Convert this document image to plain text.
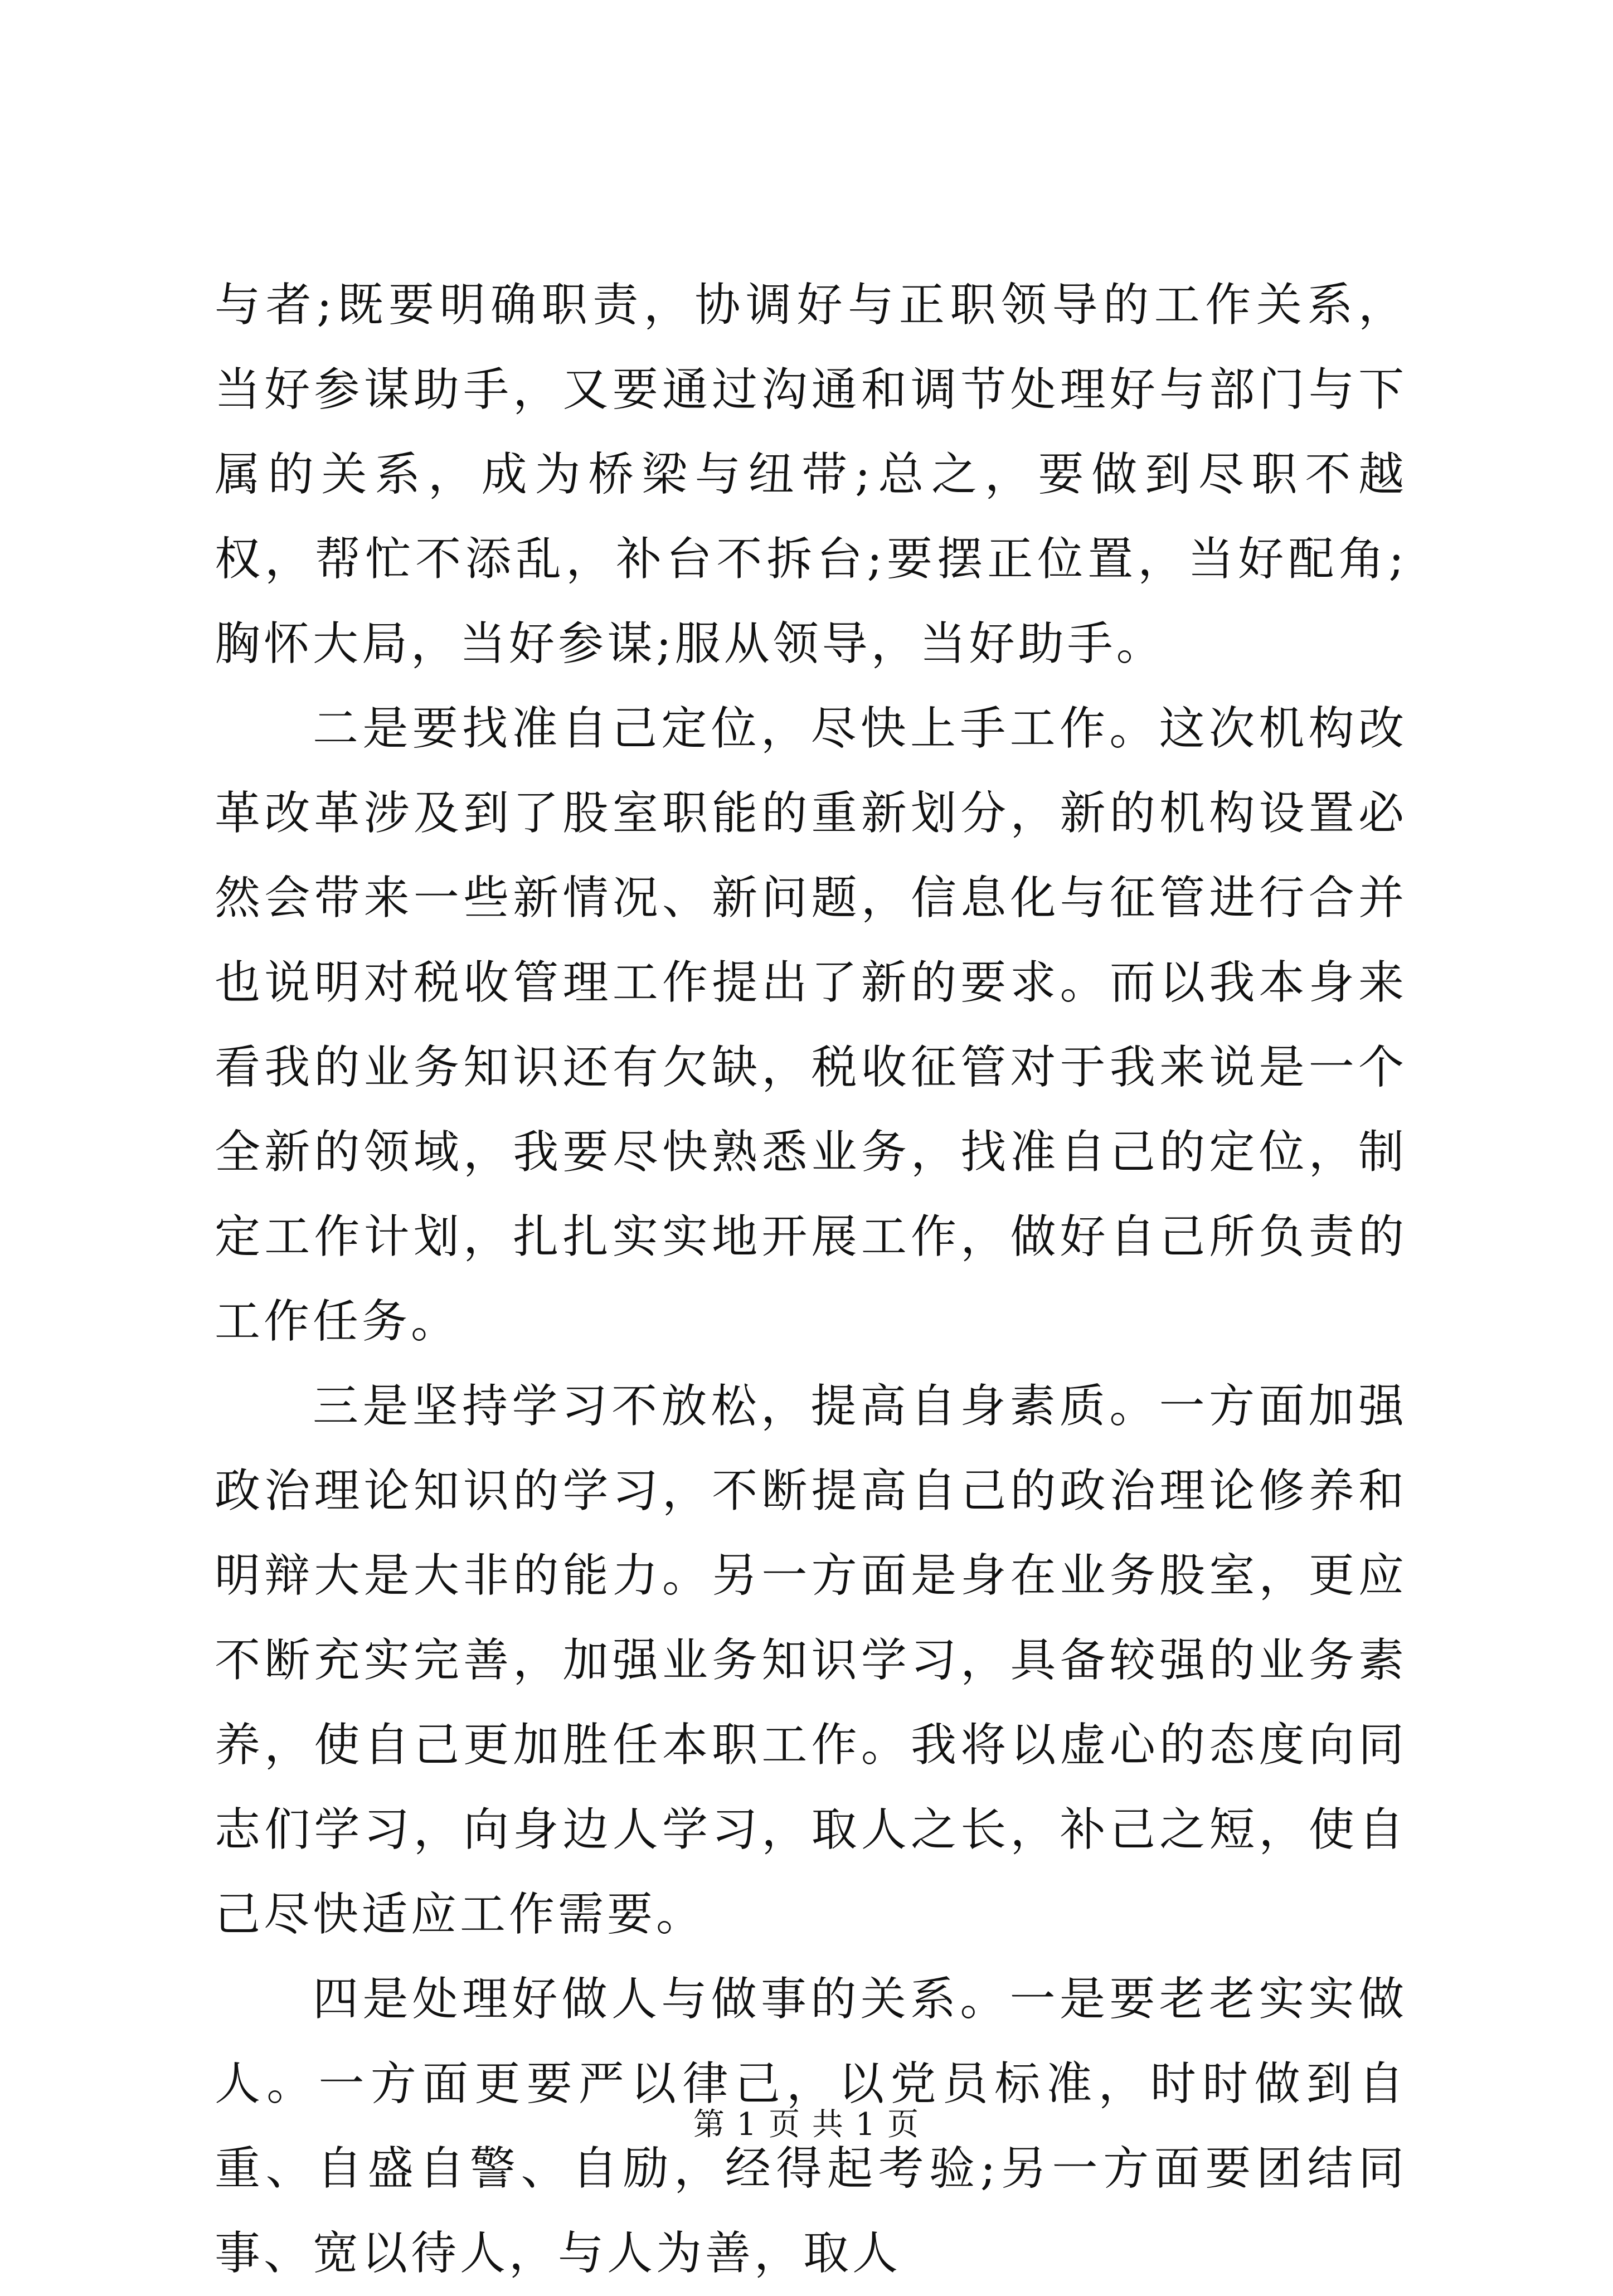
与者;既要明确职责，协调好与正职领导的工作关系，当好参谋助手，又要通过沟通和调节处理好与部门与下属的关系，成为桥梁与纽带;总之，要做到尽职不越权，帮忙不添乱，补台不拆台;要摆正位置，当好配角;胸怀大局，当好参谋;服从领导，当好助手。

二是要找准自己定位，尽快上手工作。这次机构改革改革涉及到了股室职能的重新划分，新的机构设置必然会带来一些新情况、新问题，信息化与征管进行合并也说明对税收管理工作提出了新的要求。而以我本身来看我的业务知识还有欠缺，税收征管对于我来说是一个全新的领域，我要尽快熟悉业务，找准自己的定位，制定工作计划，扎扎实实地开展工作，做好自己所负责的工作任务。

三是坚持学习不放松，提高自身素质。一方面加强政治理论知识的学习，不断提高自己的政治理论修养和明辩大是大非的能力。另一方面是身在业务股室，更应不断充实完善，加强业务知识学习，具备较强的业务素养，使自己更加胜任本职工作。我将以虚心的态度向同志们学习，向身边人学习，取人之长，补己之短，使自己尽快适应工作需要。

四是处理好做人与做事的关系。一是要老老实实做人。一方面更要严以律己，以党员标准，时时做到自重、自盛自警、自励，经得起考验;另一方面要团结同事、宽以待人，与人为善，取人

第 1 页 共 1 页
